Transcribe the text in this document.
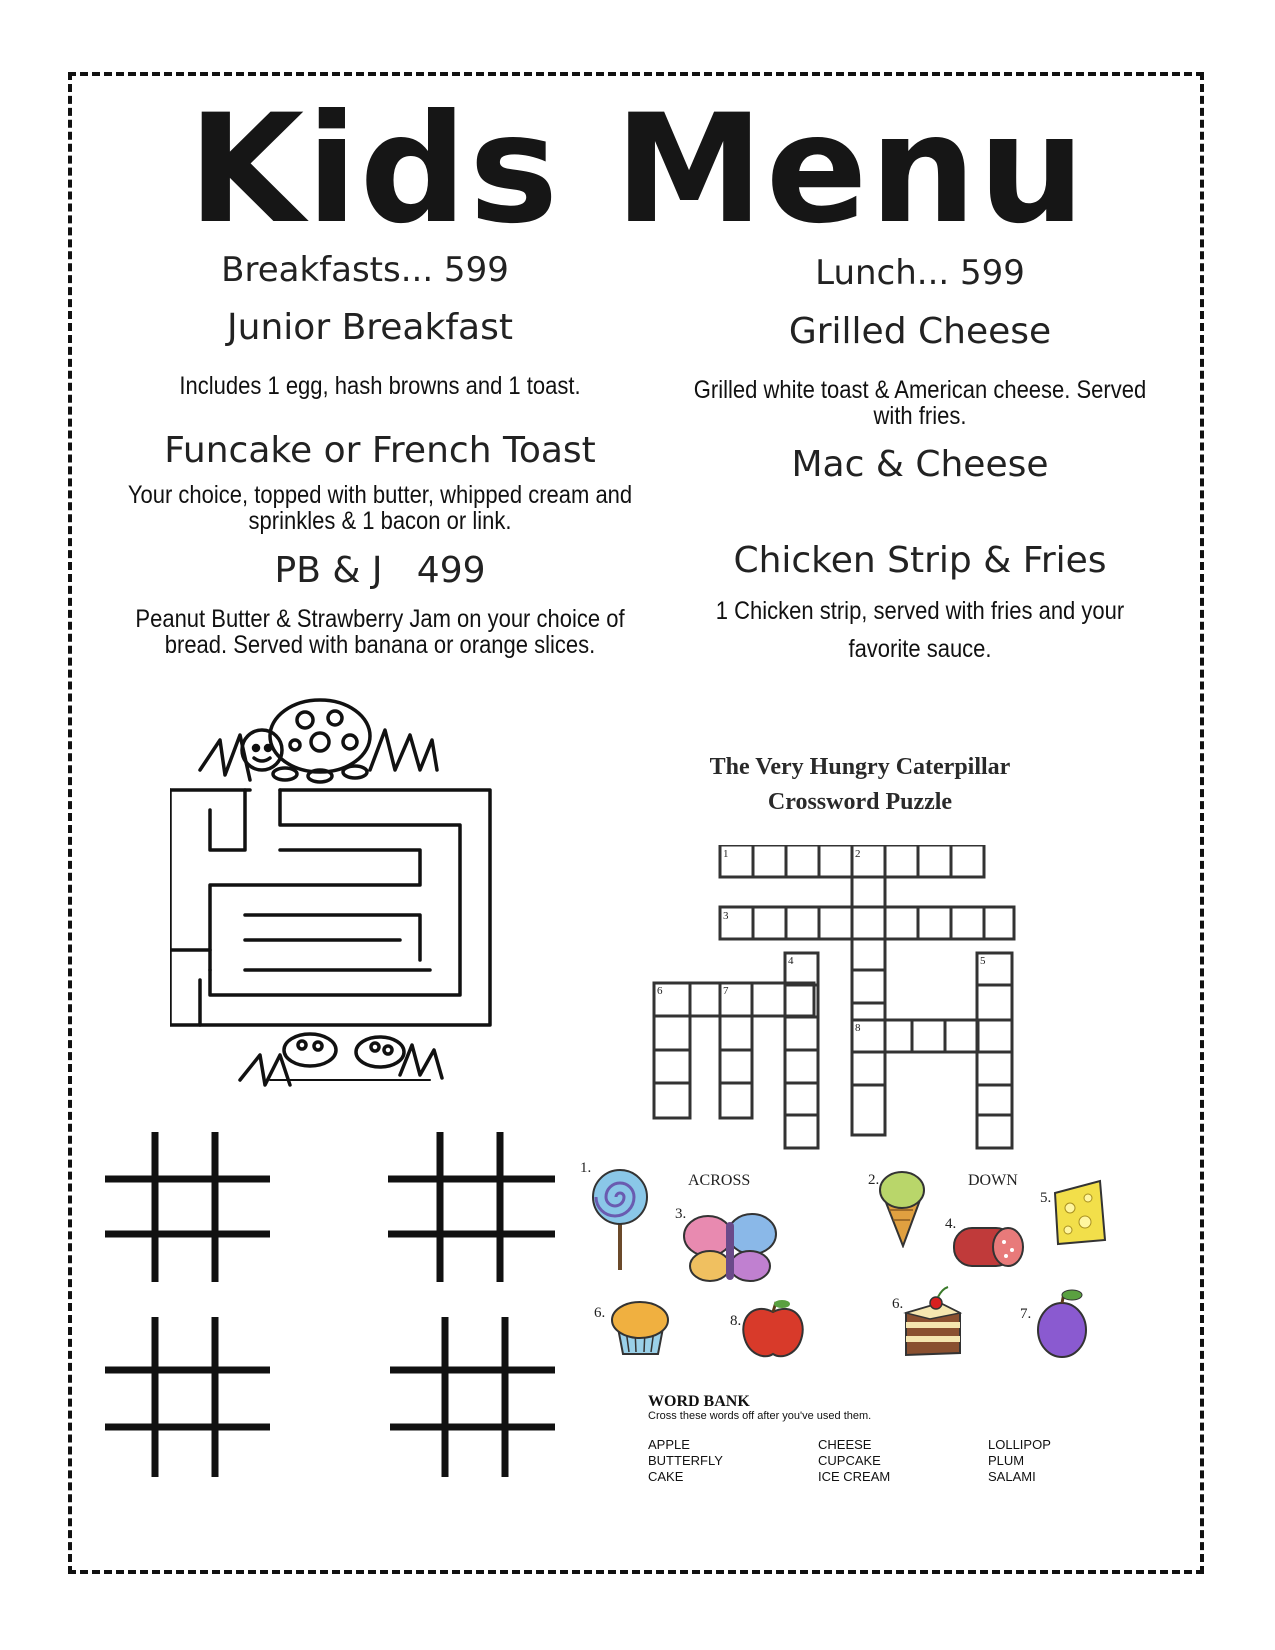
Kids Menu
Breakfasts... 599
Junior Breakfast
Includes 1 egg, hash browns and 1 toast.
Funcake or French Toast
Your choice, topped with butter, whipped cream and sprinkles & 1 bacon or link.
PB & J   499
Peanut Butter & Strawberry Jam on your choice of bread. Served with banana or orange slices.
Lunch... 599
Grilled Cheese
Grilled white toast & American cheese. Served with fries.
Mac & Cheese
Chicken Strip & Fries
1 Chicken strip, served with fries and your favorite sauce.
The Very Hungry Caterpillar
Crossword Puzzle
1	2
3
4	5
6	7
8
ACROSS	DOWN
1.
2.
3.
4.
5.
6.
6.
7.
8.
WORD BANK
Cross these words off after you've used them.
APPLE
BUTTERFLY
CAKE
CHEESE
CUPCAKE
ICE CREAM
LOLLIPOP
PLUM
SALAMI
